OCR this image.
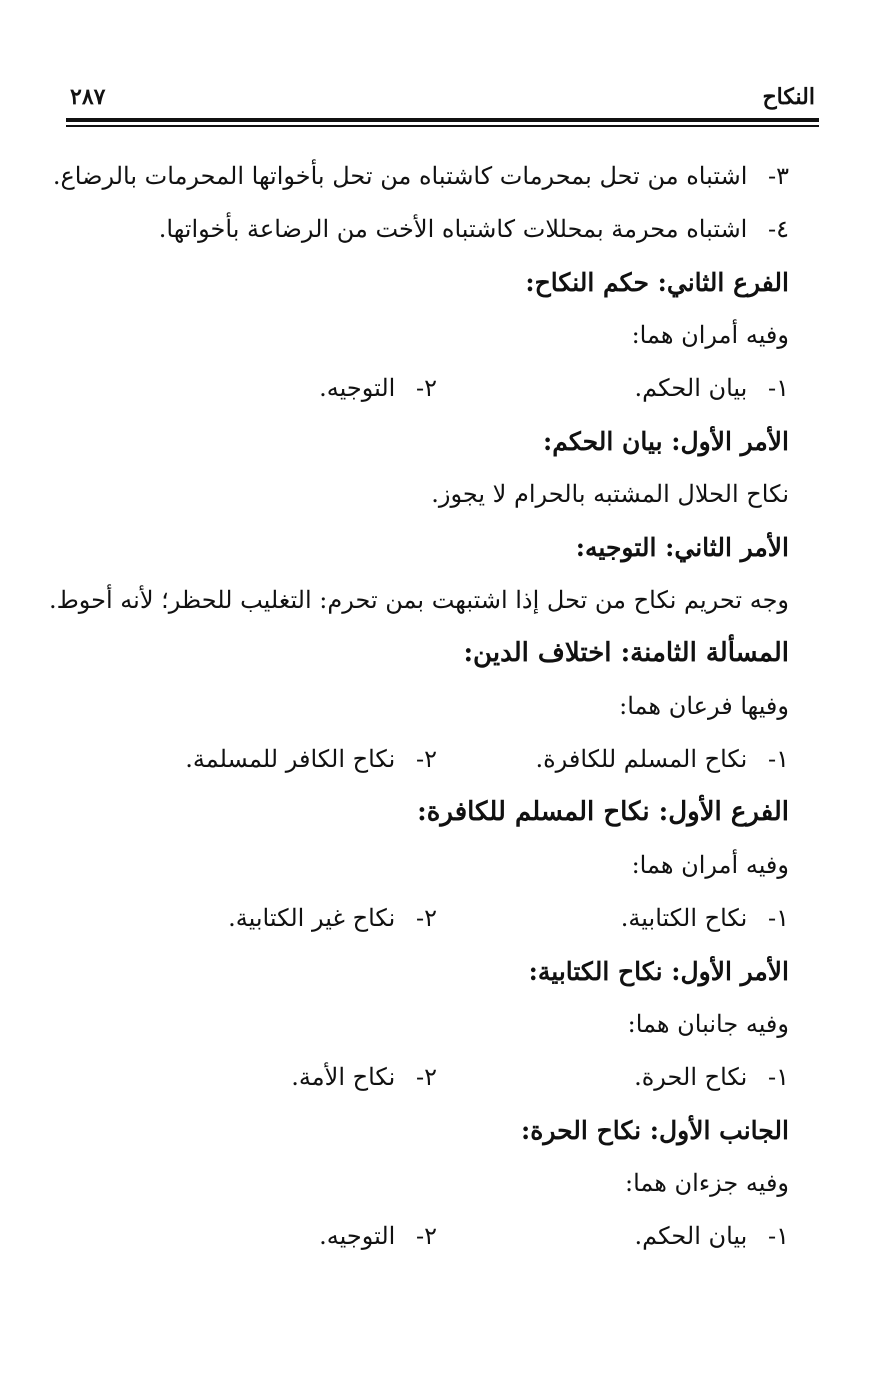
النكاح
٢٨٧
٣- اشتباه من تحل بمحرمات كاشتباه من تحل بأخواتها المحرمات بالرضاع.
٤- اشتباه محرمة بمحللات كاشتباه الأخت من الرضاعة بأخواتها.
الفرع الثاني: حكم النكاح:
وفيه أمران هما:
١- بيان الحكم.
٢- التوجيه.
الأمر الأول: بيان الحكم:
نكاح الحلال المشتبه بالحرام لا يجوز.
الأمر الثاني: التوجيه:
وجه تحريم نكاح من تحل إذا اشتبهت بمن تحرم: التغليب للحظر؛ لأنه أحوط.
المسألة الثامنة: اختلاف الدين:
وفيها فرعان هما:
١- نكاح المسلم للكافرة.
٢- نكاح الكافر للمسلمة.
الفرع الأول: نكاح المسلم للكافرة:
وفيه أمران هما:
١- نكاح الكتابية.
٢- نكاح غير الكتابية.
الأمر الأول: نكاح الكتابية:
وفيه جانبان هما:
١- نكاح الحرة.
٢- نكاح الأمة.
الجانب الأول: نكاح الحرة:
وفيه جزءان هما:
١- بيان الحكم.
٢- التوجيه.
